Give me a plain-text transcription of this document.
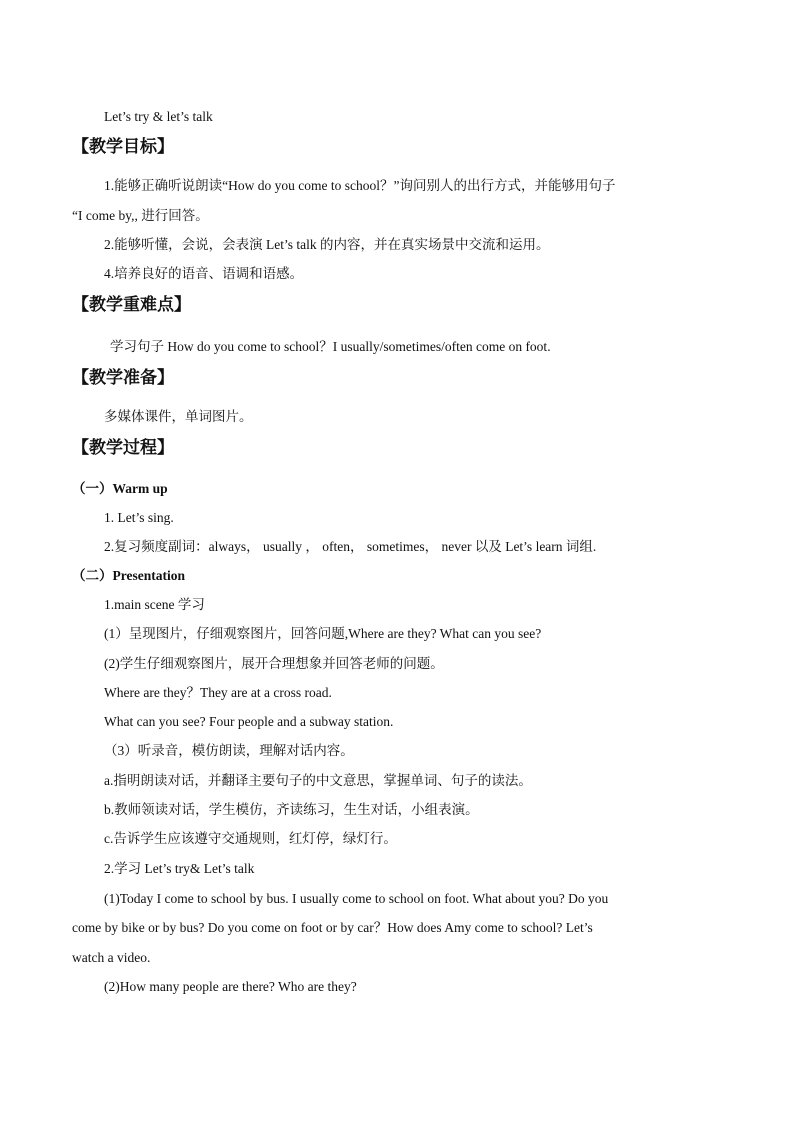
Let’s try & let’s talk
【教学目标】
1.能够正确听说朗读“How do you come to school？”询问别人的出行方式，并能够用句子
“I come by,, 进行回答。
2.能够听懂，会说，会表演 Let’s talk 的内容，并在真实场景中交流和运用。
4.培养良好的语音、语调和语感。
【教学重难点】
学习句子 How do you come to school？I usually/sometimes/often come on foot.
【教学准备】
多媒体课件，单词图片。
【教学过程】
（一）Warm up
1. Let’s sing.
2.复习频度副词：always， usually ， often， sometimes， never 以及 Let’s learn 词组.
（二）Presentation
1.main scene 学习
(1）呈现图片，仔细观察图片，回答问题,Where are they? What can you see?
(2)学生仔细观察图片，展开合理想象并回答老师的问题。
Where are they？They are at a cross road.
What can you see? Four people and a subway station.
（3）听录音，模仿朗读，理解对话内容。
a.指明朗读对话，并翻译主要句子的中文意思，掌握单词、句子的读法。
b.教师领读对话，学生模仿，齐读练习，生生对话，小组表演。
c.告诉学生应该遵守交通规则，红灯停，绿灯行。
2.学习 Let’s try& Let’s talk
(1)Today I come to school by bus. I usually come to school on foot. What about you? Do you
come by bike or by bus? Do you come on foot or by car？How does Amy come to school? Let’s
watch a video.
(2)How many people are there? Who are they?
